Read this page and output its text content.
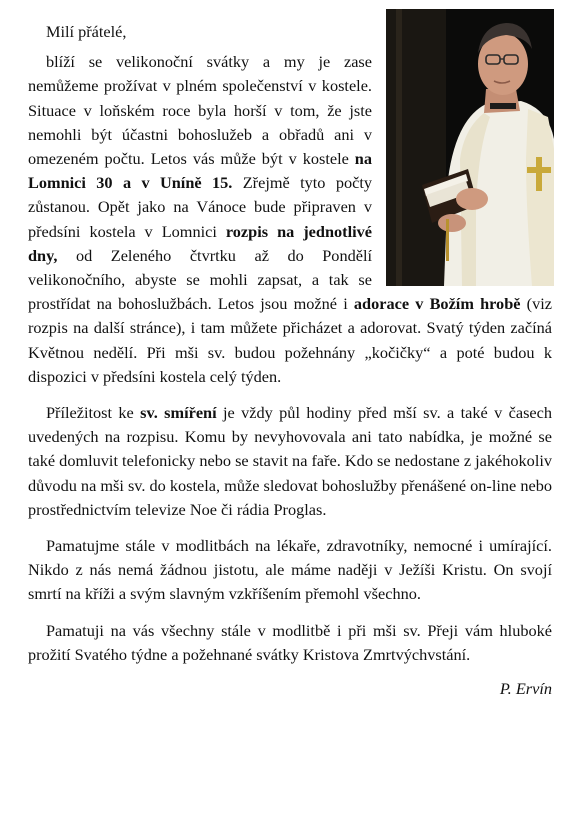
Milí přátelé,

blíží se velikonoční svátky a my je zase nemůžeme prožívat v plném společenství v kostele. Situace v loňském roce byla horší v tom, že jste nemohli být účastni bohoslužeb a obřadů ani v omezeném počtu. Letos vás může být v kostele na Lomnici 30 a v Uníně 15. Zřejmě tyto počty zůstanou. Opět jako na Vánoce bude připraven v předsíni kostela v Lomnici rozpis na jednotlivé dny, od Zeleného čtvrtku až do Pondělí velikonočního, abyste se mohli zapsat, a tak se prostřídat na bohoslužbách. Letos jsou možné i adorace v Božím hrobě (viz rozpis na další stránce), i tam můžete přicházet a adorovat. Svatý týden začíná Květnou nedělí. Při mši sv. budou požehnány „kočičky“ a poté budou k dispozici v předsíni kostela celý týden.

Příležitost ke sv. smíření je vždy půl hodiny před mší sv. a také v časech uvedených na rozpisu. Komu by nevyhovovala ani tato nabídka, je možné se také domluvit telefonicky nebo se stavit na faře. Kdo se nedostane z jakéhokoliv důvodu na mši sv. do kostela, může sledovat bohoslužby přenášené on-line nebo prostřednictvím televize Noe či rádia Proglas.

Pamatujme stále v modlitbách na lékaře, zdravotníky, nemocné i umírající. Nikdo z nás nemá žádnou jistotu, ale máme naději v Ježíši Kristu. On svojí smrtí na kříži a svým slavným vzkříšením přemohl všechno.

Pamatuji na vás všechny stále v modlitbě i při mši sv. Přeji vám hluboké prožití Svatého týdne a požehnané svátky Kristova Zmrtvýchvstání.

P. Ervín
